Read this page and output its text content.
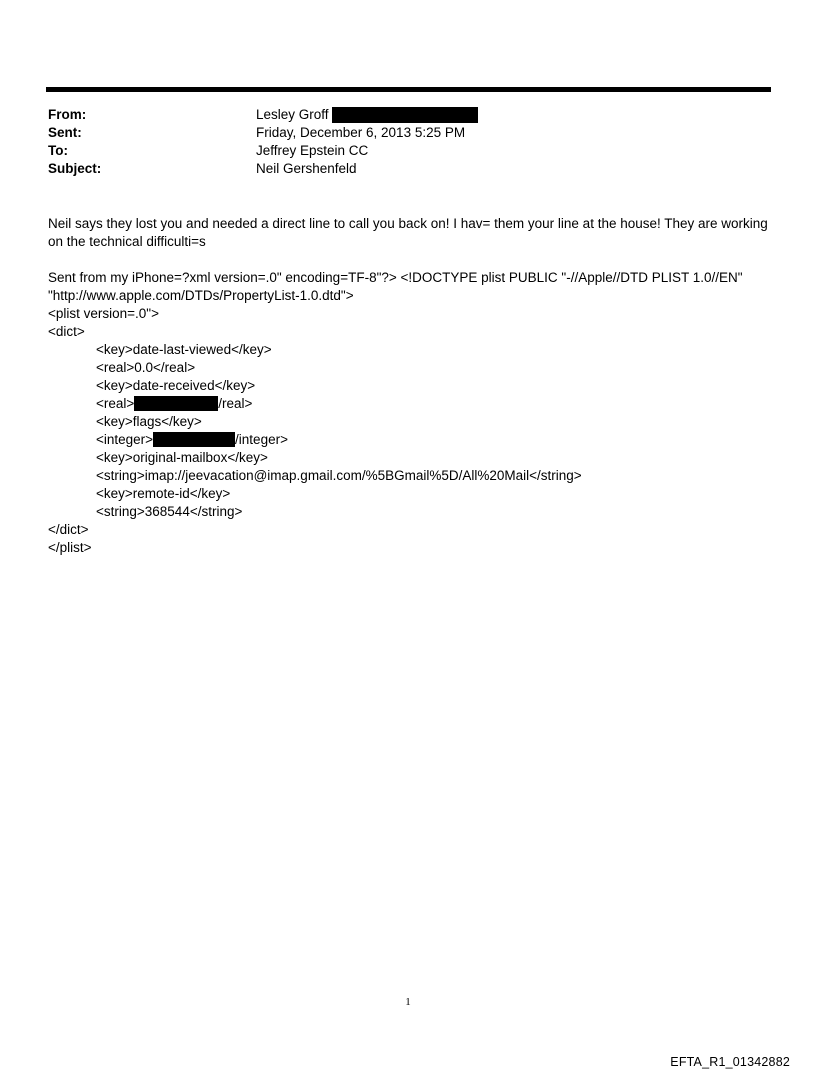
From:	Lesley Groff
Sent:	Friday, December 6, 2013 5:25 PM
To:	Jeffrey Epstein CC
Subject:	Neil Gershenfeld

Neil says they lost you and needed a direct line to call you back on! I hav= them your line at the house! They are working on the technical difficulti=s

Sent from my iPhone=?xml version=.0" encoding=TF-8"?> <!DOCTYPE plist PUBLIC "-//Apple//DTD PLIST 1.0//EN"
"http://www.apple.com/DTDs/PropertyList-1.0.dtd">
<plist version=.0">
<dict>
<key>date-last-viewed</key>
<real>0.0</real>
<key>date-received</key>
<real>	/real>
<key>flags</key>
<integer>	/integer>
<key>original-mailbox</key>
<string>imap://jeevacation@imap.gmail.com/%5BGmail%5D/All%20Mail</string>
<key>remote-id</key>
<string>368544</string>
</dict>
</plist>
1
EFTA_R1_01342882
